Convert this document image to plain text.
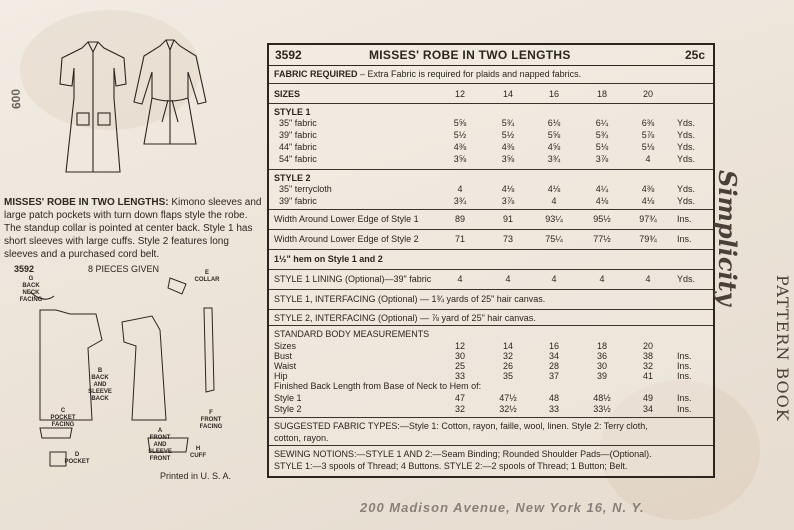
600
MISSES' ROBE IN TWO LENGTHS: Kimono sleeves and large patch pockets with turn down flaps style the robe. The standup collar is pointed at center back. Style 1 has short sleeves with large cuffs. Style 2 features long sleeves and a purchased cord belt.
3592	8 PIECES GIVEN
G
BACK NECK FACING
E
COLLAR
B
BACK AND SLEEVE BACK
A
FRONT AND SLEEVE FRONT
F
FRONT FACING
C
POCKET FACING
D
POCKET
H
CUFF
Printed in U. S. A.
3592	MISSES' ROBE IN TWO LENGTHS	25c
FABRIC REQUIRED – Extra Fabric is required for plaids and napped fabrics.
SIZES	12	14	16	18	20
STYLE 1
STYLE 2
1½" hem on Style 1 and 2
STYLE 1, INTERFACING (Optional) — 1¾ yards of 25" hair canvas.
STYLE 2, INTERFACING (Optional) — ⅞ yard of 25" hair canvas.
STANDARD BODY MEASUREMENTS
Finished Back Length from Base of Neck to Hem of:
SUGGESTED FABRIC TYPES:—Style 1: Cotton, rayon, faille, wool, linen. Style 2: Terry cloth,
cotton, rayon.
SEWING NOTIONS:—STYLE 1 AND 2:—Seam Binding; Rounded Shoulder Pads—(Optional).
STYLE 1:—3 spools of Thread; 4 Buttons. STYLE 2:—2 spools of Thread; 1 Button; Belt.
35" fabric	5⅝	5¾	6⅛	6¼	6⅜	Yds.
39" fabric	5½	5½	5⅝	5¾	5⅞	Yds.
44" fabric	4⅜	4⅜	4⅝	5⅛	5⅛	Yds.
54" fabric	3⅝	3⅝	3¾	3⅞	4	Yds.
35" terrycloth	4	4⅛	4⅛	4¼	4⅜	Yds.
39" fabric	3¾	3⅞	4	4⅛	4⅛	Yds.
Width Around Lower Edge of Style 1	89	91	93¼	95½	97¾	Ins.
Width Around Lower Edge of Style 2	71	73	75¼	77½	79¾	Ins.
STYLE 1 LINING (Optional)—39" fabric	4	4	4	4	4	Yds.
Sizes	12	14	16	18	20
Bust	30	32	34	36	38	Ins.
Waist	25	26	28	30	32	Ins.
Hip	33	35	37	39	41	Ins.
Style 1	47	47½	48	48½	49	Ins.
Style 2	32	32½	33	33½	34	Ins.
200 Madison Avenue, New York 16, N. Y.
Simplicity
PATTERN BOOK
